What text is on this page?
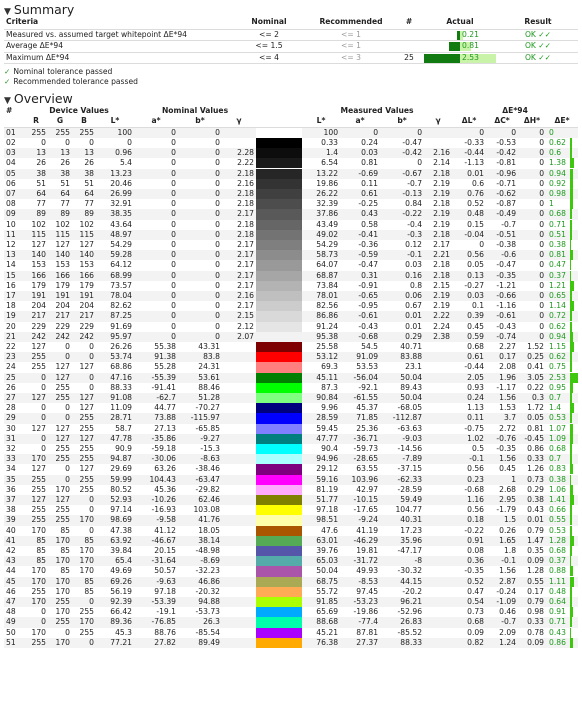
▼ Summary
Criteria	Nominal	Recommended	#	Actual		Result
Measured vs. assumed target whitepoint ΔE*94	<= 2	<= 1			0.21	OK ✓✓
Average ΔE*94	<= 1.5	<= 1			0.81	OK ✓✓
Maximum ΔE*94	<= 4	<= 3	25		2.53	OK ✓✓
✓ Nominal tolerance passed
✓ Recommended tolerance passed
▼ Overview
#	Device Values				Nominal Values				Measured Values				ΔE*94			
	R	G	B	L*	a*	b*	γ		L*	a*	b*	γ	ΔL*	ΔC*	ΔH*	ΔE*
01	255	255	255	100	0	0			100	0	0		0	0	0	0
02	0	0	0	0	0	0			0.33	0.24	-0.47		-0.33	-0.53	0	0.62
03	13	13	13	0.96	0	0	2.28		1.4	0.03	-0.42	2.16	-0.44	-0.42	0	0.6
04	26	26	26	5.4	0	0	2.22		6.54	0.81	0	2.14	-1.13	-0.81	0	1.38
05	38	38	38	13.23	0	0	2.18		13.22	-0.69	-0.67	2.18	0.01	-0.96	0	0.94
06	51	51	51	20.46	0	0	2.16		19.86	0.11	-0.7	2.19	0.6	-0.71	0	0.92
07	64	64	64	26.99	0	0	2.18		26.22	0.61	-0.13	2.19	0.76	-0.62	0	0.98
08	77	77	77	32.91	0	0	2.18		32.39	-0.25	0.84	2.18	0.52	-0.87	0	1
09	89	89	89	38.35	0	0	2.17		37.86	0.43	-0.22	2.19	0.48	-0.49	0	0.68
10	102	102	102	43.64	0	0	2.18		43.49	0.58	-0.4	2.19	0.15	-0.7	0	0.71
11	115	115	115	48.97	0	0	2.18		49.02	-0.41	-0.3	2.18	-0.04	-0.51	0	0.51
12	127	127	127	54.29	0	0	2.17		54.29	-0.36	0.12	2.17	0	-0.38	0	0.38
13	140	140	140	59.28	0	0	2.17		58.73	-0.59	-0.1	2.21	0.56	-0.6	0	0.81
14	153	153	153	64.12	0	0	2.17		64.07	-0.47	0.03	2.18	0.05	-0.47	0	0.47
15	166	166	166	68.99	0	0	2.17		68.87	0.31	0.16	2.18	0.13	-0.35	0	0.37
16	179	179	179	73.57	0	0	2.17		73.84	-0.91	0.8	2.15	-0.27	-1.21	0	1.21
17	191	191	191	78.04	0	0	2.16		78.01	-0.65	0.06	2.19	0.03	-0.66	0	0.65
18	204	204	204	82.62	0	0	2.17		82.56	-0.95	0.67	2.19	0.1	-1.16	0	1.14
19	217	217	217	87.25	0	0	2.15		86.86	-0.61	0.01	2.22	0.39	-0.61	0	0.72
20	229	229	229	91.69	0	0	2.12		91.24	-0.43	0.01	2.24	0.45	-0.43	0	0.62
21	242	242	242	95.97	0	0	2.07		95.38	-0.68	0.29	2.38	0.59	-0.74	0	0.94
22	127	0	0	26.26	55.38	43.31			25.58	54.5	40.71		0.68	2.27	1.52	1.15
23	255	0	0	53.74	91.38	83.8			53.12	91.09	83.88		0.61	0.17	0.25	0.62
24	255	127	127	68.86	55.28	24.31			69.3	53.53	23.1		-0.44	2.08	0.41	0.75
25	0	127	0	47.16	-55.39	53.61			45.11	-56.04	50.04		2.05	1.96	3.05	2.53
26	0	255	0	88.33	-91.41	88.46			87.3	-92.1	89.43		0.93	-1.17	0.22	0.95
27	127	255	127	91.08	-62.7	51.28			90.84	-61.55	50.04		0.24	1.56	0.3	0.7
28	0	0	127	11.09	44.77	-70.27			9.96	45.37	-68.05		1.13	1.53	1.72	1.4
29	0	0	255	28.71	73.88	-115.97			28.59	71.85	-112.87		0.11	3.7	0.05	0.53
30	127	127	255	58.7	27.13	-65.85			59.45	25.36	-63.63		-0.75	2.72	0.81	1.07
31	0	127	127	47.78	-35.86	-9.27			47.77	-36.71	-9.03		1.02	-0.76	-0.45	1.09
32	0	255	255	90.9	-59.18	-15.3			90.4	-59.73	-14.56		0.5	-0.35	0.86	0.68
33	170	255	255	94.87	-30.06	-8.63			94.96	-28.65	-7.89		-0.1	1.56	0.33	0.7
34	127	0	127	29.69	63.26	-38.46			29.12	63.55	-37.15		0.56	0.45	1.26	0.83
35	255	0	255	59.99	104.43	-63.47			59.16	103.96	-62.33		0.23	1	0.73	0.38
36	255	170	255	80.52	45.36	-29.82			81.19	42.97	-28.59		-0.68	2.68	0.29	1.06
37	127	127	0	52.93	-10.26	62.46			51.77	-10.15	59.49		1.16	2.95	0.38	1.41
38	255	255	0	97.14	-16.93	103.08			97.18	-17.65	104.77		0.56	-1.79	0.43	0.66
39	255	255	170	98.69	-9.58	41.76			98.51	-9.24	40.31		0.18	1.5	0.01	0.55
40	170	85	0	47.38	41.12	18.05			47.6	41.19	17.23		-0.22	0.26	0.79	0.53
41	85	170	85	63.92	-46.67	38.14			63.01	-46.29	35.96		0.91	1.65	1.47	1.28
42	85	85	170	39.84	20.15	-48.98			39.76	19.81	-47.17		0.08	1.8	0.35	0.68
43	85	170	170	65.4	-31.64	-8.69			65.03	-31.72	-8		0.36	-0.1	0.09	0.37
44	170	85	170	49.69	50.57	-32.23			50.04	49.93	-30.32		-0.35	1.56	1.28	0.88
45	170	170	85	69.26	-9.63	46.86			68.75	-8.53	44.15		0.52	2.87	0.55	1.11
46	255	170	85	56.19	97.18	-20.32			55.72	97.45	-20.2		0.47	-0.24	0.17	0.48
47	170	255	0	92.39	-53.39	94.88			91.85	-53.23	96.21		0.54	-1.09	0.79	0.64
48	0	170	255	66.42	-19.1	-53.73			65.69	-19.86	-52.96		0.73	0.46	0.98	0.91
49	0	255	170	89.36	-76.85	26.3			88.68	-77.4	26.83		0.68	-0.7	0.33	0.71
50	170	0	255	45.3	88.76	-85.54			45.21	87.81	-85.52		0.09	2.09	0.78	0.43
51	255	170	0	77.21	27.82	89.49			76.38	27.37	88.33		0.82	1.24	0.09	0.86
